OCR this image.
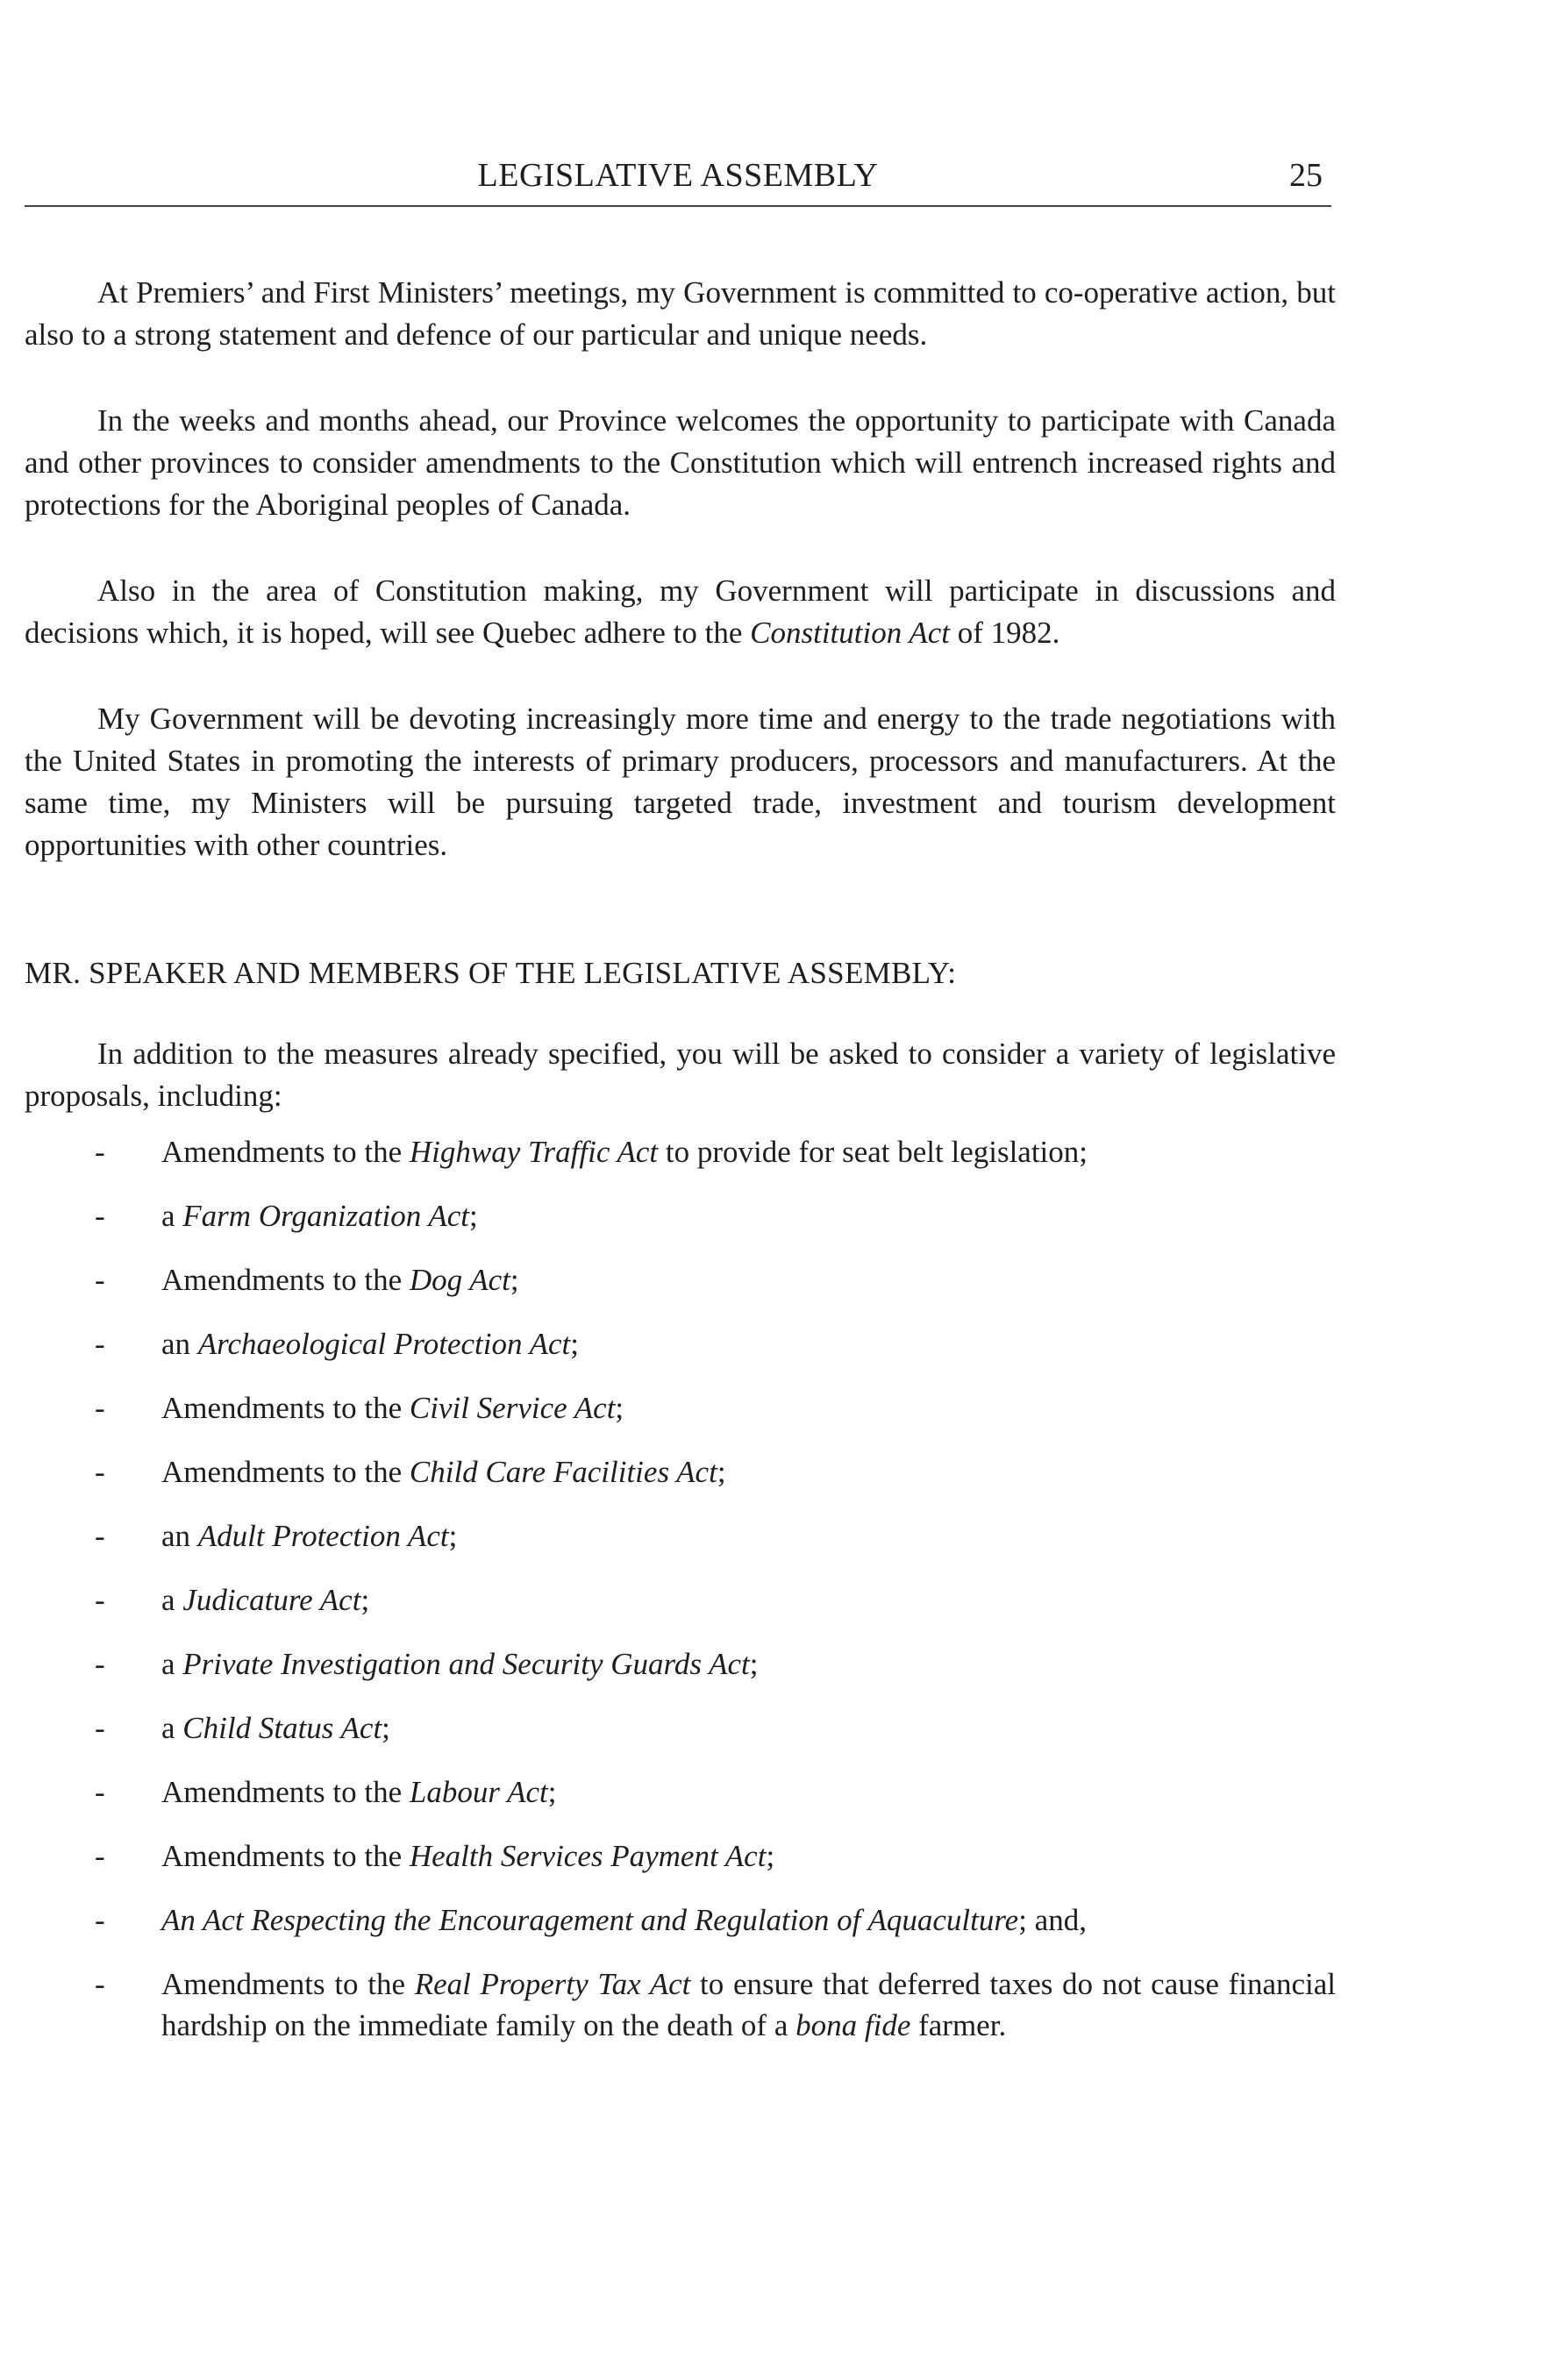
LEGISLATIVE ASSEMBLY	25

At Premiers’ and First Ministers’ meetings, my Government is committed to co-operative action, but also to a strong statement and defence of our particular and unique needs.

In the weeks and months ahead, our Province welcomes the opportunity to participate with Canada and other provinces to consider amendments to the Constitution which will entrench increased rights and protections for the Aboriginal peoples of Canada.

Also in the area of Constitution making, my Government will participate in discussions and decisions which, it is hoped, will see Quebec adhere to the Constitution Act of 1982.

My Government will be devoting increasingly more time and energy to the trade negotiations with the United States in promoting the interests of primary producers, processors and manufacturers. At the same time, my Ministers will be pursuing targeted trade, investment and tourism development opportunities with other countries.

MR. SPEAKER AND MEMBERS OF THE LEGISLATIVE ASSEMBLY:

In addition to the measures already specified, you will be asked to consider a variety of legislative proposals, including:

- Amendments to the Highway Traffic Act to provide for seat belt legislation;
- a Farm Organization Act;
- Amendments to the Dog Act;
- an Archaeological Protection Act;
- Amendments to the Civil Service Act;
- Amendments to the Child Care Facilities Act;
- an Adult Protection Act;
- a Judicature Act;
- a Private Investigation and Security Guards Act;
- a Child Status Act;
- Amendments to the Labour Act;
- Amendments to the Health Services Payment Act;
- An Act Respecting the Encouragement and Regulation of Aquaculture; and,
- Amendments to the Real Property Tax Act to ensure that deferred taxes do not cause financial hardship on the immediate family on the death of a bona fide farmer.
